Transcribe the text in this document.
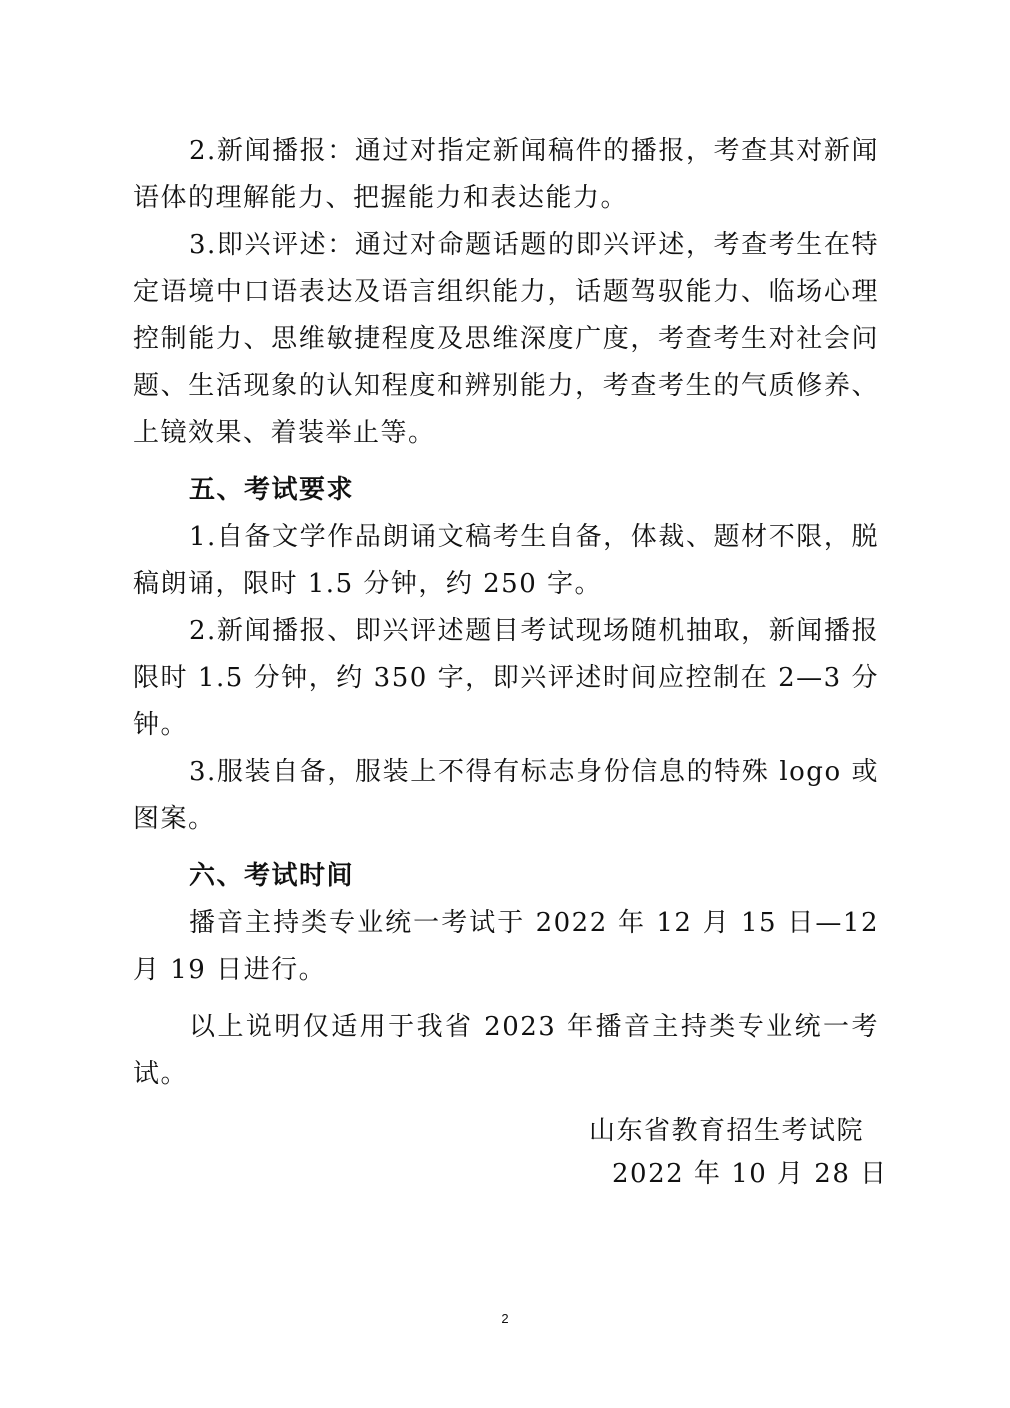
2.新闻播报：通过对指定新闻稿件的播报，考查其对新闻语体的理解能力、把握能力和表达能力。

3.即兴评述：通过对命题话题的即兴评述，考查考生在特定语境中口语表达及语言组织能力，话题驾驭能力、临场心理控制能力、思维敏捷程度及思维深度广度，考查考生对社会问题、生活现象的认知程度和辨别能力，考查考生的气质修养、上镜效果、着装举止等。

五、考试要求

1.自备文学作品朗诵文稿考生自备，体裁、题材不限，脱稿朗诵，限时 1.5 分钟，约 250 字。

2.新闻播报、即兴评述题目考试现场随机抽取，新闻播报限时 1.5 分钟，约 350 字，即兴评述时间应控制在 2—3 分钟。

3.服装自备，服装上不得有标志身份信息的特殊 logo 或图案。

六、考试时间

播音主持类专业统一考试于 2022 年 12 月 15 日—12 月 19 日进行。

以上说明仅适用于我省 2023 年播音主持类专业统一考试。

山东省教育招生考试院
2022 年 10 月 28 日
2
